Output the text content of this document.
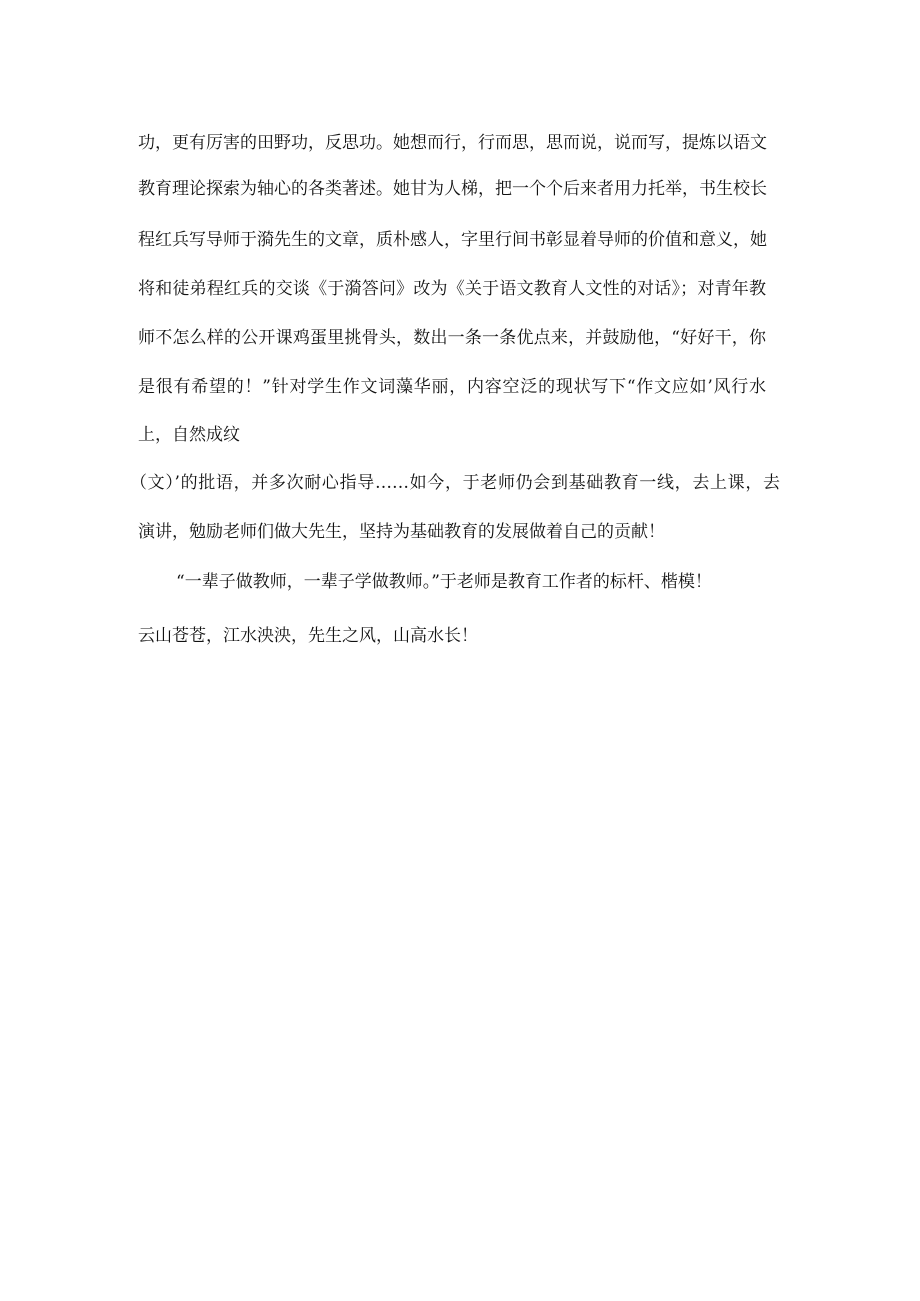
功，更有厉害的田野功，反思功。她想而行，行而思，思而说，说而写，提炼以语文
教育理论探索为轴心的各类著述。她甘为人梯，把一个个后来者用力托举，书生校长
程红兵写导师于漪先生的文章，质朴感人，字里行间书彰显着导师的价值和意义，她
将和徒弟程红兵的交谈《于漪答问》改为《关于语文教育人文性的对话》；对青年教
师不怎么样的公开课鸡蛋里挑骨头，数出一条一条优点来，并鼓励他，“好好干，你
是很有希望的！”针对学生作文词藻华丽，内容空泛的现状写下“作文应如’风行水
上，自然成纹
（文）’的批语，并多次耐心指导……如今，于老师仍会到基础教育一线，去上课，去
演讲，勉励老师们做大先生，坚持为基础教育的发展做着自己的贡献！
“一辈子做教师，一辈子学做教师。”于老师是教育工作者的标杆、楷模！
云山苍苍，江水泱泱，先生之风，山高水长！
